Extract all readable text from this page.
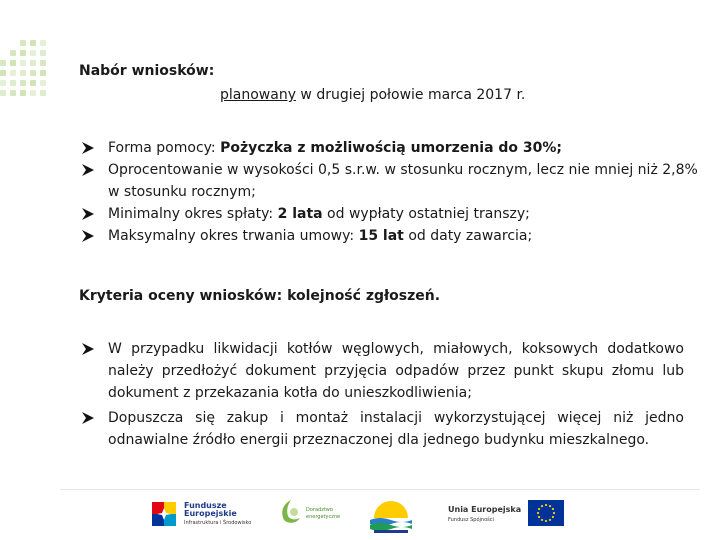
Nabór wniosków:
planowany w drugiej połowie marca 2017 r.
Forma pomocy: Pożyczka z możliwością umorzenia do 30%;
Oprocentowanie w wysokości 0,5 s.r.w. w stosunku rocznym, lecz nie mniej niż 2,8% w stosunku rocznym;
Minimalny okres spłaty: 2 lata od wypłaty ostatniej transzy;
Maksymalny okres trwania umowy: 15 lat od daty zawarcia;
Kryteria oceny wniosków: kolejność zgłoszeń.
W przypadku likwidacji kotłów węglowych, miałowych, koksowych dodatkowo należy przedłożyć dokument przyjęcia odpadów przez punkt skupu złomu lub dokument z przekazania kotła do unieszkodliwienia;
Dopuszcza się zakup i montaż instalacji wykorzystującej więcej niż jedno odnawialne źródło energii przeznaczonej dla jednego budynku mieszkalnego.
Fundusze
Europejskie
Infrastruktura i Środowisko
Doradztwo
energetyczne
Unia Europejska
Fundusz Spójności
